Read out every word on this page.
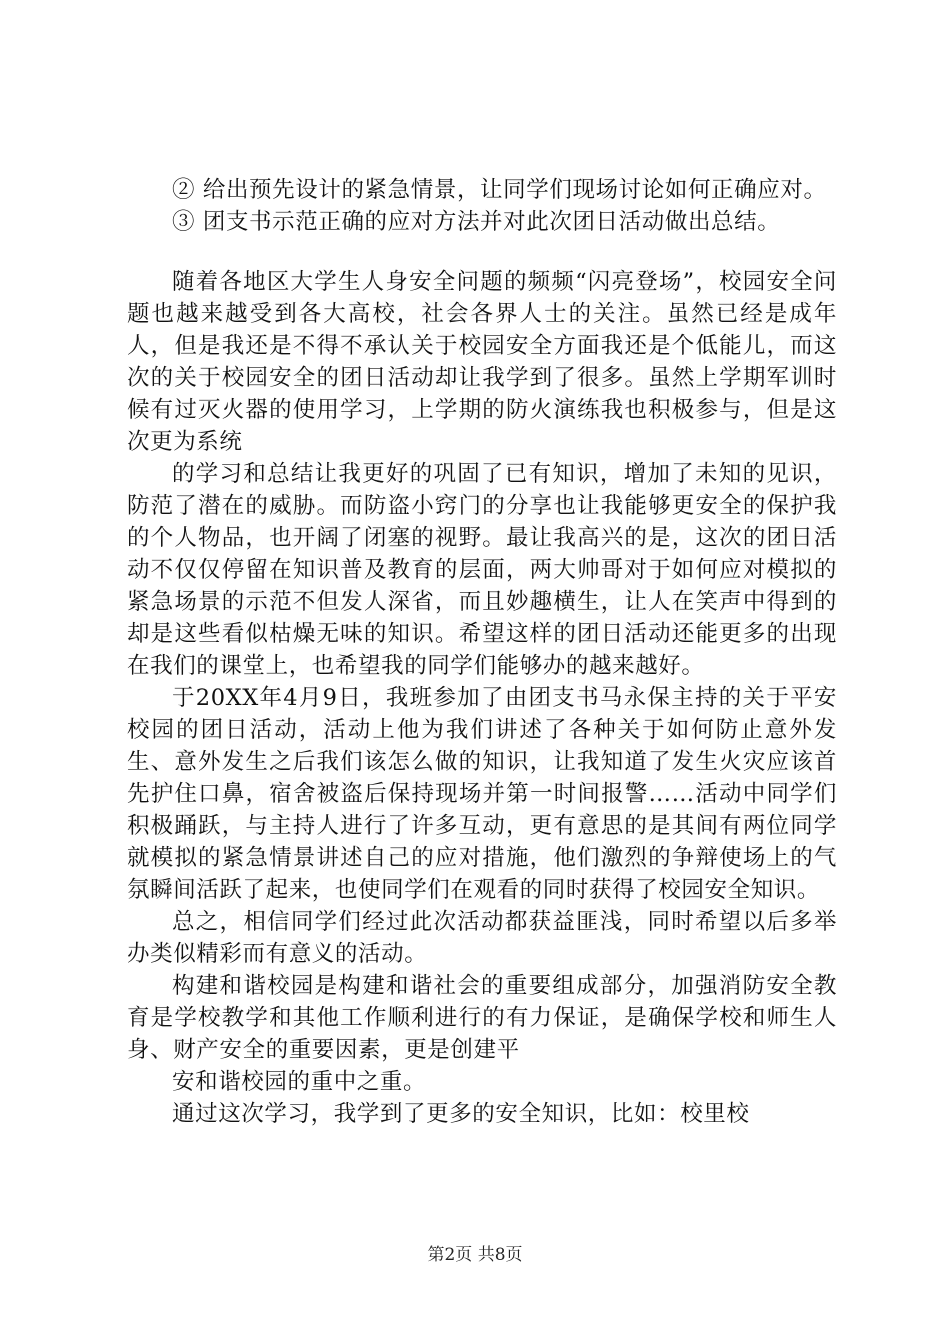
② 给出预先设计的紧急情景，让同学们现场讨论如何正确应对。

③ 团支书示范正确的应对方法并对此次团日活动做出总结。

随着各地区大学生人身安全问题的频频“闪亮登场”，校园安全问题也越来越受到各大高校，社会各界人士的关注。虽然已经是成年人，但是我还是不得不承认关于校园安全方面我还是个低能儿，而这次的关于校园安全的团日活动却让我学到了很多。虽然上学期军训时候有过灭火器的使用学习，上学期的防火演练我也积极参与，但是这次更为系统

的学习和总结让我更好的巩固了已有知识，增加了未知的见识，防范了潜在的威胁。而防盗小窍门的分享也让我能够更安全的保护我的个人物品，也开阔了闭塞的视野。最让我高兴的是，这次的团日活动不仅仅停留在知识普及教育的层面，两大帅哥对于如何应对模拟的紧急场景的示范不但发人深省，而且妙趣横生，让人在笑声中得到的却是这些看似枯燥无味的知识。希望这样的团日活动还能更多的出现在我们的课堂上，也希望我的同学们能够办的越来越好。

于20XX年4月9日，我班参加了由团支书马永保主持的关于平安校园的团日活动，活动上他为我们讲述了各种关于如何防止意外发生、意外发生之后我们该怎么做的知识，让我知道了发生火灾应该首先护住口鼻，宿舍被盗后保持现场并第一时间报警……活动中同学们积极踊跃，与主持人进行了许多互动，更有意思的是其间有两位同学就模拟的紧急情景讲述自己的应对措施，他们激烈的争辩使场上的气氛瞬间活跃了起来，也使同学们在观看的同时获得了校园安全知识。

总之，相信同学们经过此次活动都获益匪浅，同时希望以后多举办类似精彩而有意义的活动。

构建和谐校园是构建和谐社会的重要组成部分，加强消防安全教育是学校教学和其他工作顺利进行的有力保证，是确保学校和师生人身、财产安全的重要因素，更是创建平

安和谐校园的重中之重。

通过这次学习，我学到了更多的安全知识，比如：校里校

第2页 共8页
